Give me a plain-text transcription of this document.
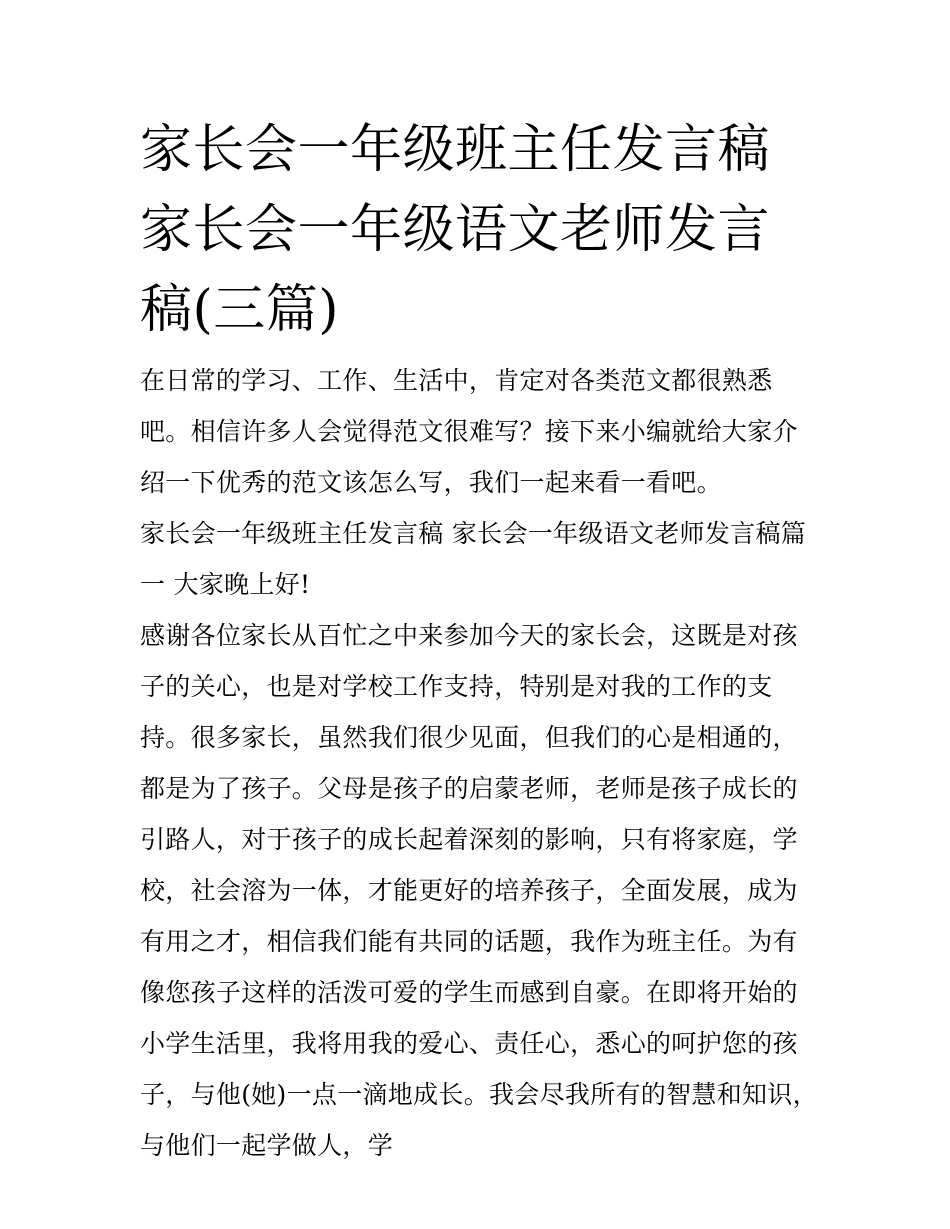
家长会一年级班主任发言稿 家长会一年级语文老师发言稿(三篇)

在日常的学习、工作、生活中，肯定对各类范文都很熟悉吧。相信许多人会觉得范文很难写？接下来小编就给大家介绍一下优秀的范文该怎么写，我们一起来看一看吧。

家长会一年级班主任发言稿 家长会一年级语文老师发言稿篇一 大家晚上好!

感谢各位家长从百忙之中来参加今天的家长会，这既是对孩子的关心，也是对学校工作支持，特别是对我的工作的支持。很多家长，虽然我们很少见面，但我们的心是相通的，都是为了孩子。父母是孩子的启蒙老师，老师是孩子成长的引路人，对于孩子的成长起着深刻的影响，只有将家庭，学校，社会溶为一体，才能更好的培养孩子，全面发展，成为有用之才，相信我们能有共同的话题，我作为班主任。为有像您孩子这样的活泼可爱的学生而感到自豪。在即将开始的小学生活里，我将用我的爱心、责任心，悉心的呵护您的孩子，与他(她)一点一滴地成长。我会尽我所有的智慧和知识，与他们一起学做人，学
